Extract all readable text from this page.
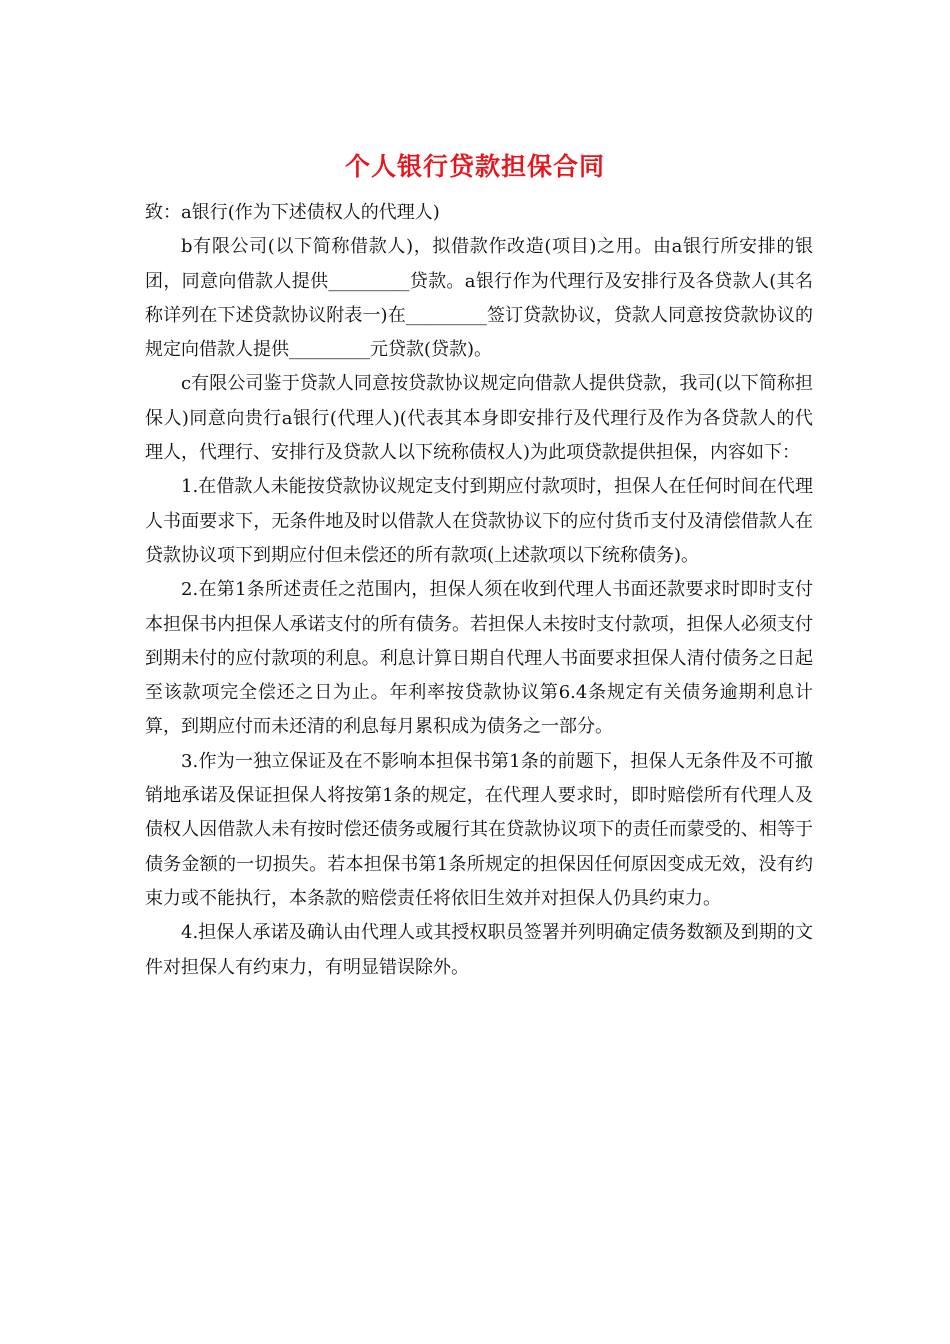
个人银行贷款担保合同

致：a银行(作为下述债权人的代理人)

b有限公司(以下简称借款人)，拟借款作改造(项目)之用。由a银行所安排的银团，同意向借款人提供_________贷款。a银行作为代理行及安排行及各贷款人(其名称详列在下述贷款协议附表一)在_________签订贷款协议，贷款人同意按贷款协议的规定向借款人提供_________元贷款(贷款)。

c有限公司鉴于贷款人同意按贷款协议规定向借款人提供贷款，我司(以下简称担保人)同意向贵行a银行(代理人)(代表其本身即安排行及代理行及作为各贷款人的代理人，代理行、安排行及贷款人以下统称债权人)为此项贷款提供担保，内容如下：

1.在借款人未能按贷款协议规定支付到期应付款项时，担保人在任何时间在代理人书面要求下，无条件地及时以借款人在贷款协议下的应付货币支付及清偿借款人在贷款协议项下到期应付但未偿还的所有款项(上述款项以下统称债务)。

2.在第1条所述责任之范围内，担保人须在收到代理人书面还款要求时即时支付本担保书内担保人承诺支付的所有债务。若担保人未按时支付款项，担保人必须支付到期未付的应付款项的利息。利息计算日期自代理人书面要求担保人清付债务之日起至该款项完全偿还之日为止。年利率按贷款协议第6.4条规定有关债务逾期利息计算，到期应付而未还清的利息每月累积成为债务之一部分。

3.作为一独立保证及在不影响本担保书第1条的前题下，担保人无条件及不可撤销地承诺及保证担保人将按第1条的规定，在代理人要求时，即时赔偿所有代理人及债权人因借款人未有按时偿还债务或履行其在贷款协议项下的责任而蒙受的、相等于债务金额的一切损失。若本担保书第1条所规定的担保因任何原因变成无效，没有约束力或不能执行，本条款的赔偿责任将依旧生效并对担保人仍具约束力。

4.担保人承诺及确认由代理人或其授权职员签署并列明确定债务数额及到期的文件对担保人有约束力，有明显错误除外。
